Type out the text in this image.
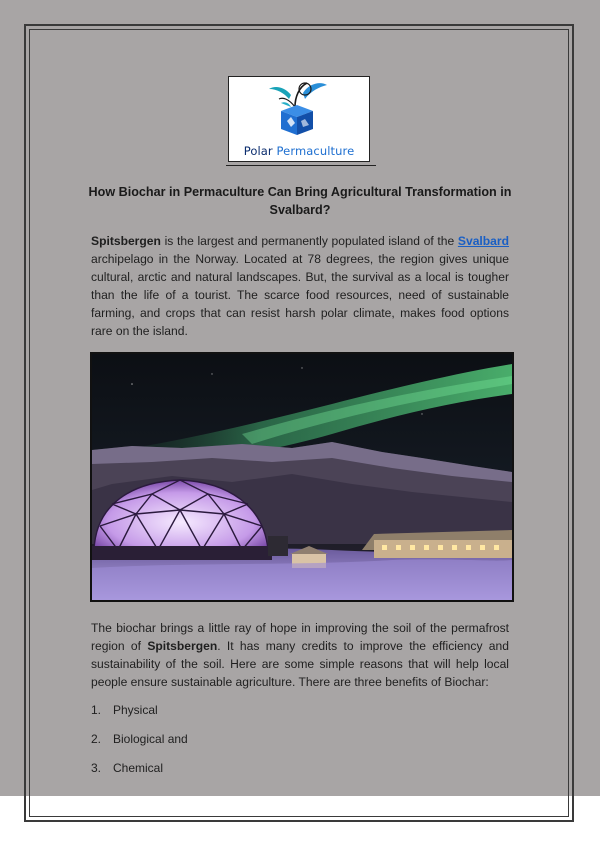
Polar Permaculture
How Biochar in Permaculture Can Bring Agricultural Transformation in Svalbard?
Spitsbergen is the largest and permanently populated island of the Svalbard archipelago in the Norway. Located at 78 degrees, the region gives unique cultural, arctic and natural landscapes. But, the survival as a local is tougher than the life of a tourist. The scarce food resources, need of sustainable farming, and crops that can resist harsh polar climate, makes food options rare on the island.
The biochar brings a little ray of hope in improving the soil of the permafrost region of Spitsbergen. It has many credits to improve the efficiency and sustainability of the soil. Here are some simple reasons that will help local people ensure sustainable agriculture. There are three benefits of Biochar:
1. Physical
2. Biological and
3. Chemical
